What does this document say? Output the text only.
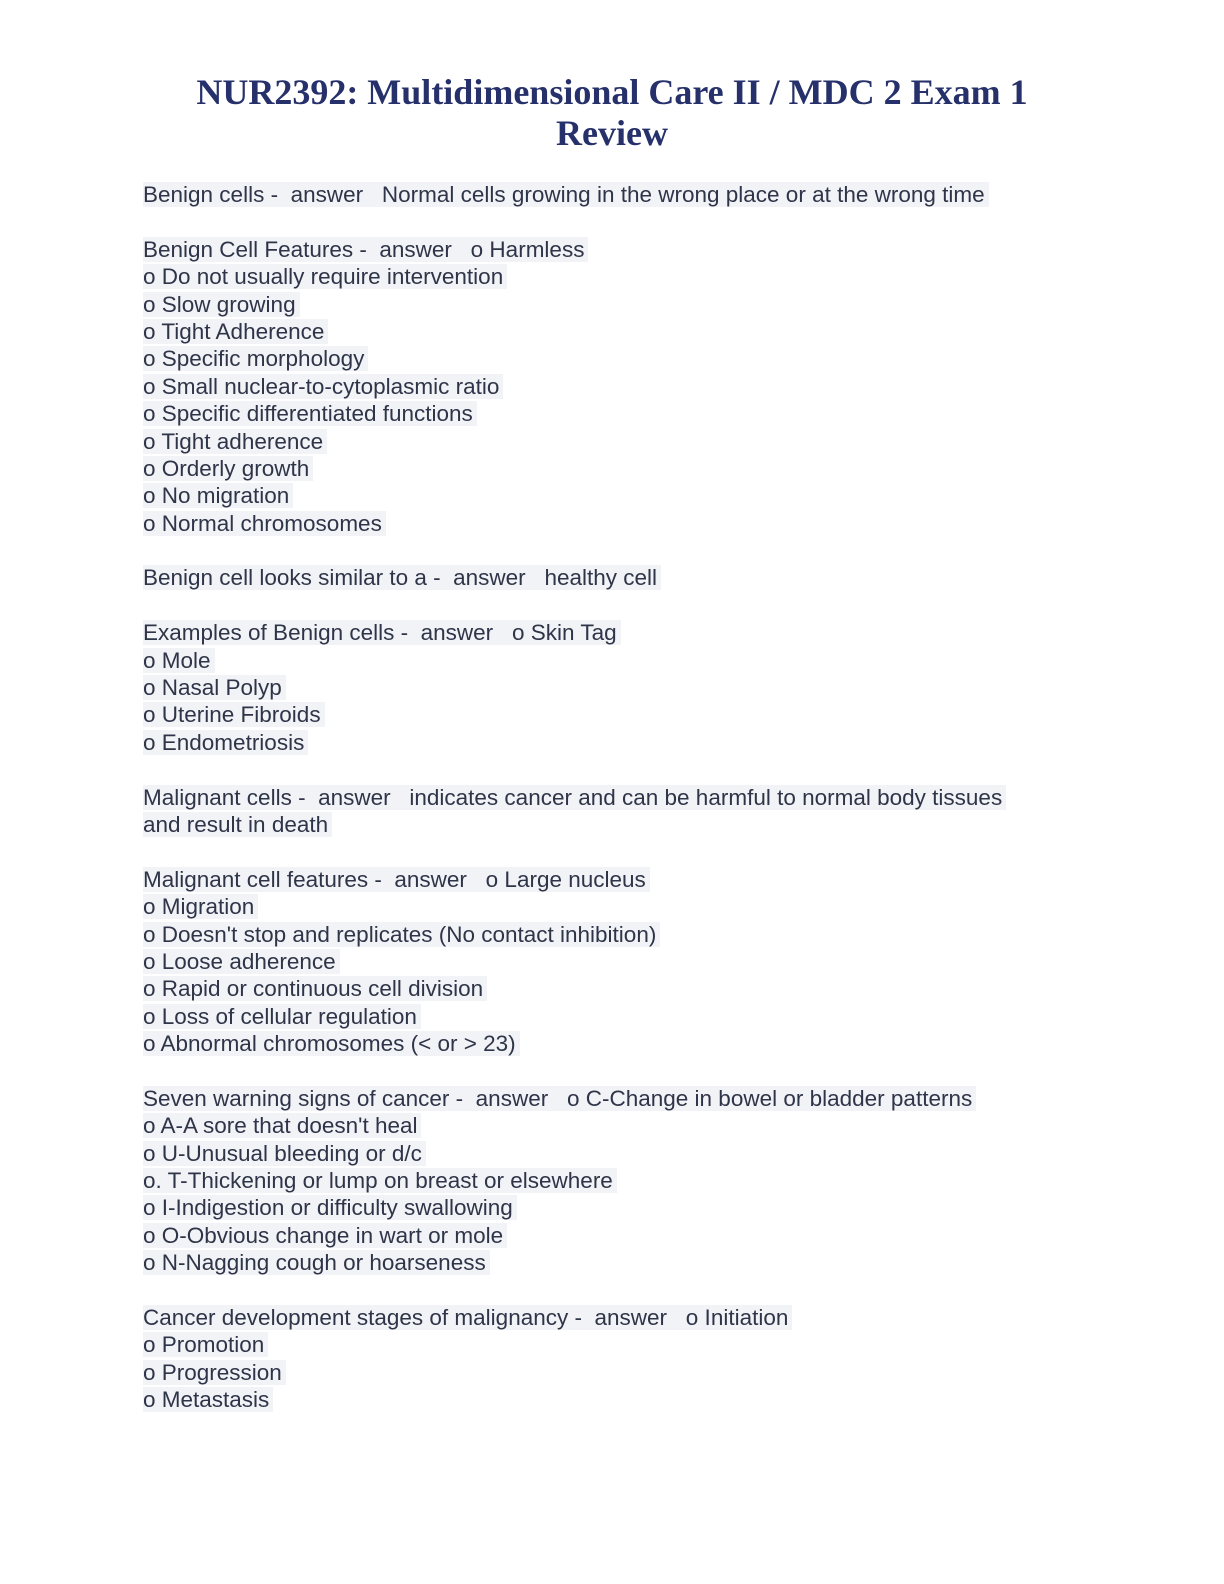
NUR2392: Multidimensional Care II / MDC 2 Exam 1 Review
Benign cells -  answer   Normal cells growing in the wrong place or at the wrong time
Benign Cell Features -  answer   o Harmless
o Do not usually require intervention
o Slow growing
o Tight Adherence
o Specific morphology
o Small nuclear-to-cytoplasmic ratio
o Specific differentiated functions
o Tight adherence
o Orderly growth
o No migration
o Normal chromosomes
Benign cell looks similar to a -  answer   healthy cell
Examples of Benign cells -  answer   o Skin Tag
o Mole
o Nasal Polyp
o Uterine Fibroids
o Endometriosis
Malignant cells -  answer   indicates cancer and can be harmful to normal body tissues
and result in death
Malignant cell features -  answer   o Large nucleus
o Migration
o Doesn't stop and replicates (No contact inhibition)
o Loose adherence
o Rapid or continuous cell division
o Loss of cellular regulation
o Abnormal chromosomes (< or > 23)
Seven warning signs of cancer -  answer   o C-Change in bowel or bladder patterns
o A-A sore that doesn't heal
o U-Unusual bleeding or d/c
o. T-Thickening or lump on breast or elsewhere
o I-Indigestion or difficulty swallowing
o O-Obvious change in wart or mole
o N-Nagging cough or hoarseness
Cancer development stages of malignancy -  answer   o Initiation
o Promotion
o Progression
o Metastasis
